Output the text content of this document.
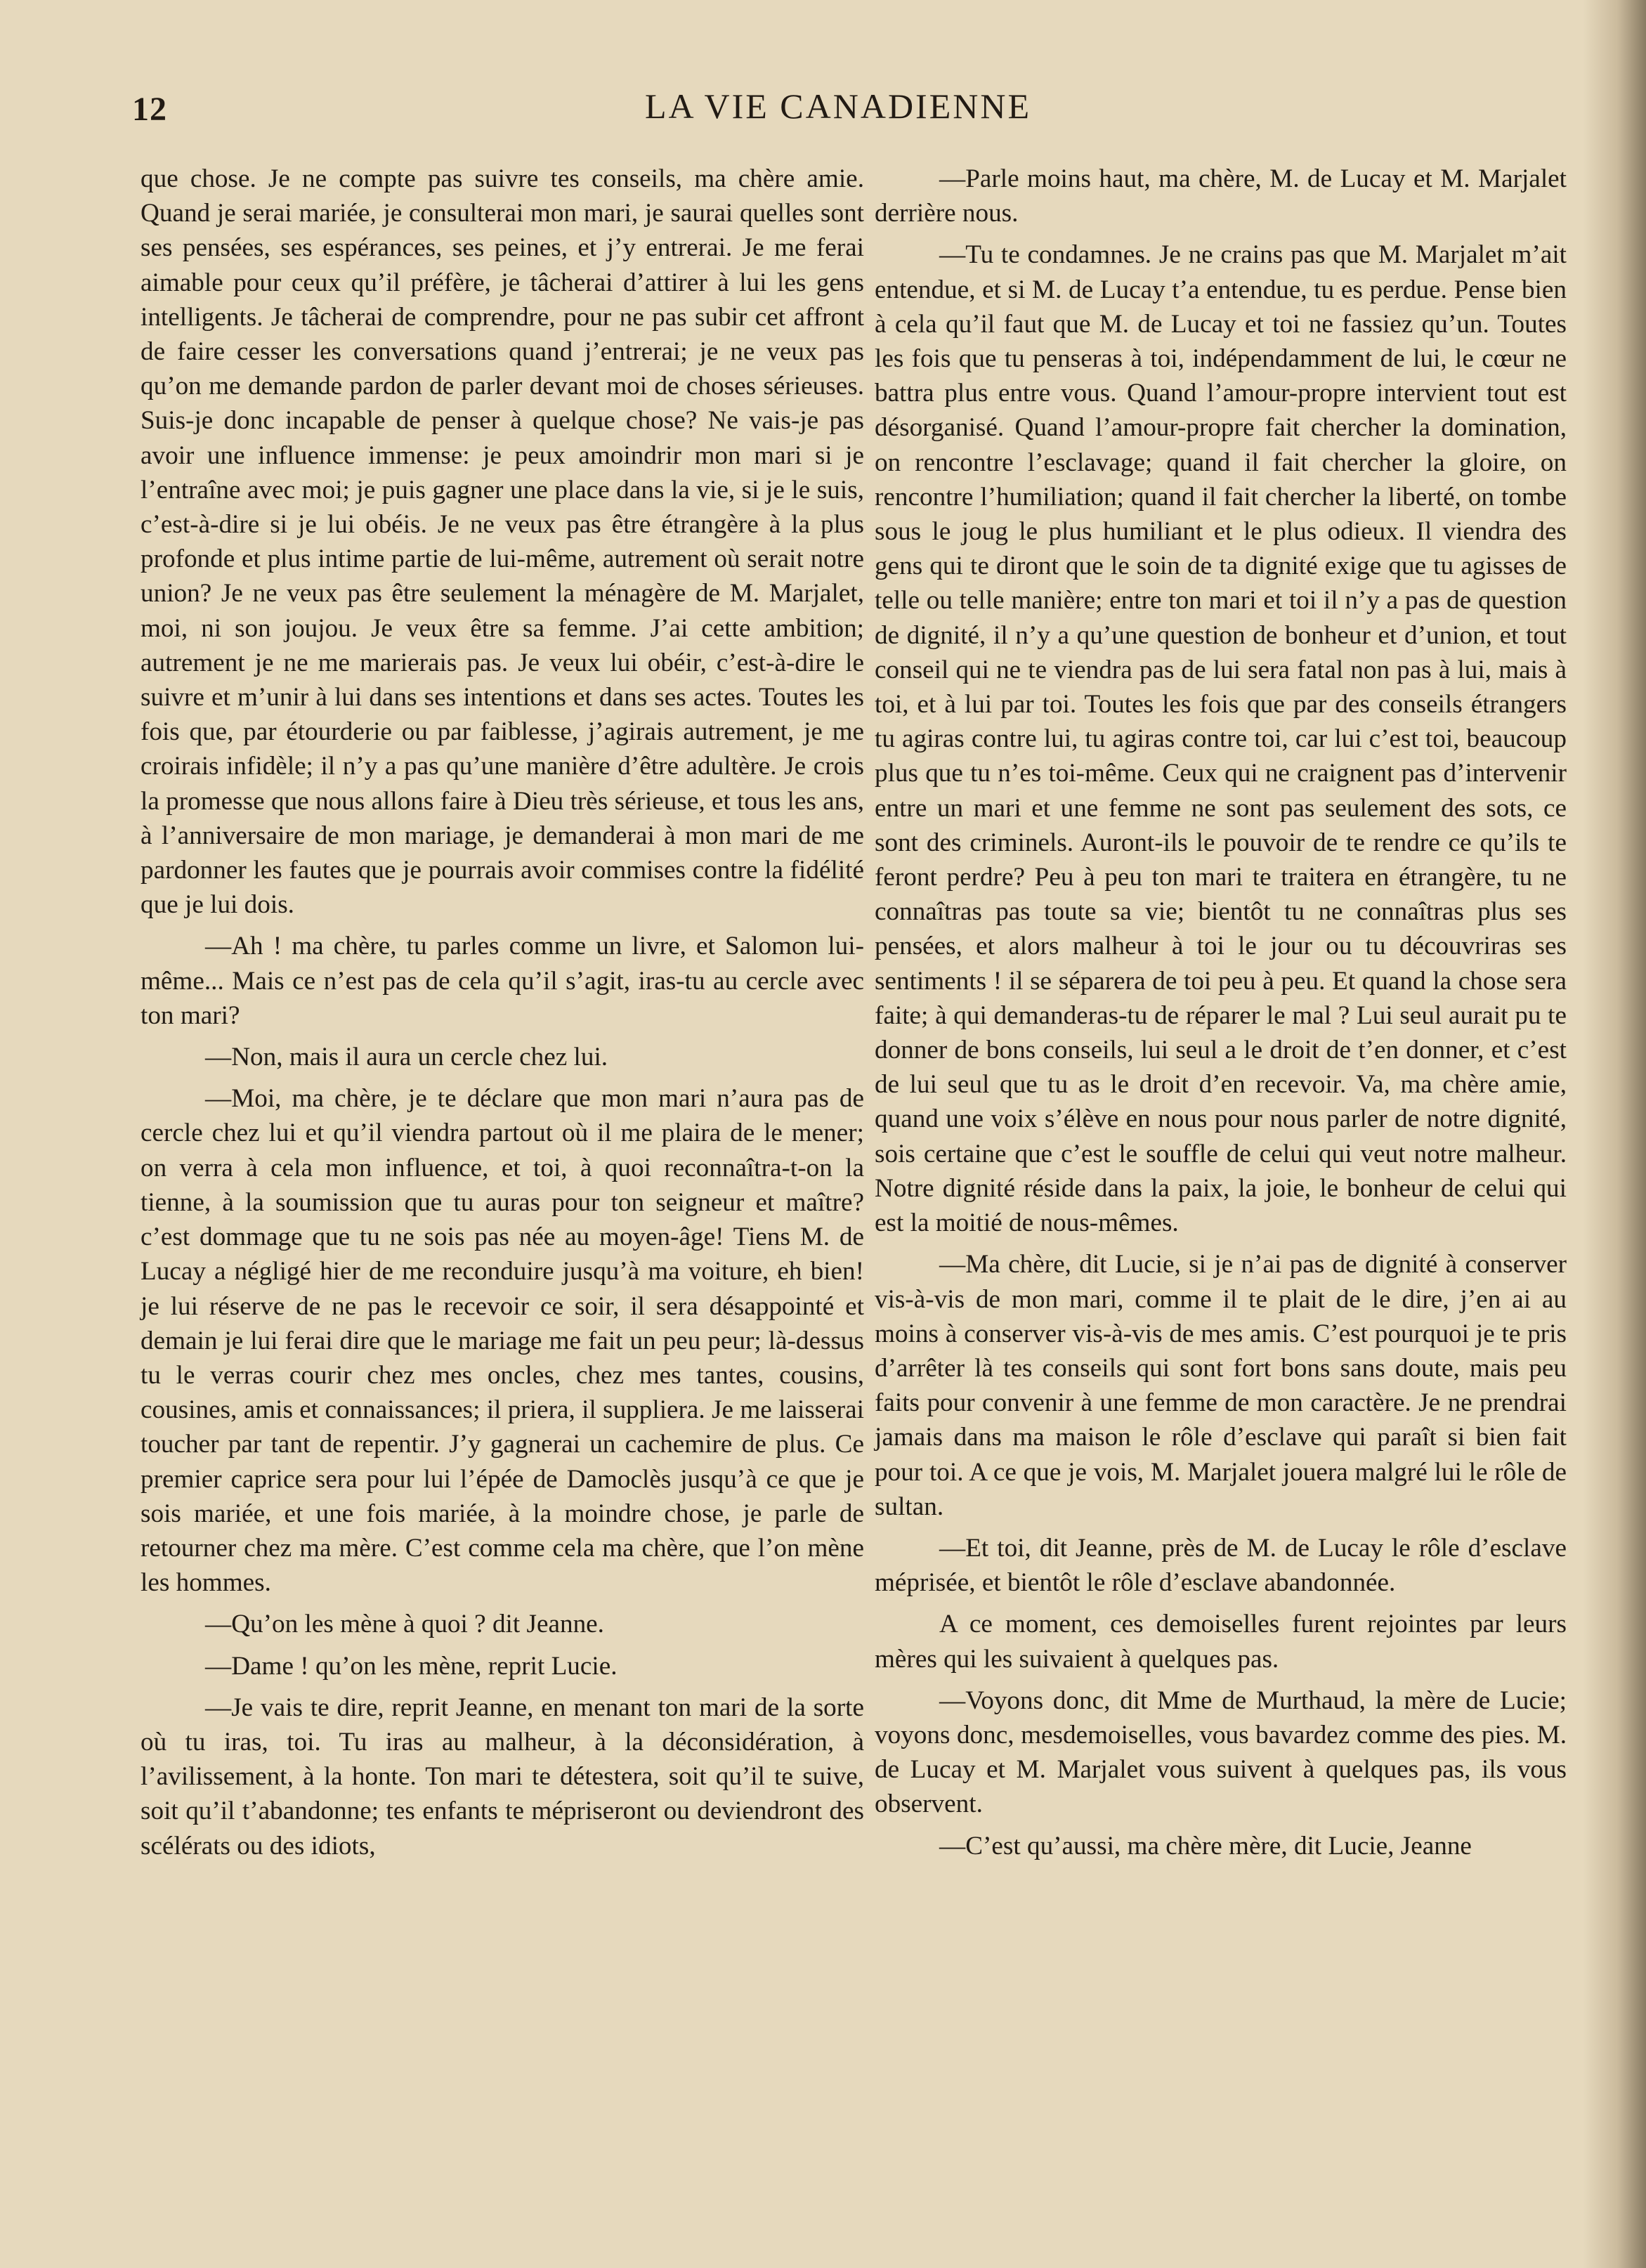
12	LA VIE CANADIENNE

que chose. Je ne compte pas suivre tes conseils, ma chère amie. Quand je serai mariée, je consulterai mon mari, je saurai quelles sont ses pensées, ses espérances, ses peines, et j’y entrerai. Je me ferai aimable pour ceux qu’il préfère, je tâcherai d’attirer à lui les gens intelligents. Je tâcherai de comprendre, pour ne pas subir cet affront de faire cesser les conversations quand j’entrerai; je ne veux pas qu’on me demande pardon de parler devant moi de choses sérieuses. Suis-je donc incapable de penser à quelque chose? Ne vais-je pas avoir une influence immense: je peux amoindrir mon mari si je l’entraîne avec moi; je puis gagner une place dans la vie, si je le suis, c’est-à-dire si je lui obéis. Je ne veux pas être étrangère à la plus profonde et plus intime partie de lui-même, autrement où serait notre union? Je ne veux pas être seulement la ménagère de M. Marjalet, moi, ni son joujou. Je veux être sa femme. J’ai cette ambition; autrement je ne me marierais pas. Je veux lui obéir, c’est-à-dire le suivre et m’unir à lui dans ses intentions et dans ses actes. Toutes les fois que, par étourderie ou par faiblesse, j’agirais autrement, je me croirais infidèle; il n’y a pas qu’une manière d’être adultère. Je crois la promesse que nous allons faire à Dieu très sérieuse, et tous les ans, à l’anniversaire de mon mariage, je demanderai à mon mari de me pardonner les fautes que je pourrais avoir commises contre la fidélité que je lui dois.

—Ah ! ma chère, tu parles comme un livre, et Salomon lui-même... Mais ce n’est pas de cela qu’il s’agit, iras-tu au cercle avec ton mari?

—Non, mais il aura un cercle chez lui.

—Moi, ma chère, je te déclare que mon mari n’aura pas de cercle chez lui et qu’il viendra partout où il me plaira de le mener; on verra à cela mon influence, et toi, à quoi reconnaîtra-t-on la tienne, à la soumission que tu auras pour ton seigneur et maître? c’est dommage que tu ne sois pas née au moyen-âge! Tiens M. de Lucay a négligé hier de me reconduire jusqu’à ma voiture, eh bien! je lui réserve de ne pas le recevoir ce soir, il sera désappointé et demain je lui ferai dire que le mariage me fait un peu peur; là-dessus tu le verras courir chez mes oncles, chez mes tantes, cousins, cousines, amis et connaissances; il priera, il suppliera. Je me laisserai toucher par tant de repentir. J’y gagnerai un cachemire de plus. Ce premier caprice sera pour lui l’épée de Damoclès jusqu’à ce que je sois mariée, et une fois mariée, à la moindre chose, je parle de retourner chez ma mère. C’est comme cela ma chère, que l’on mène les hommes.

—Qu’on les mène à quoi ? dit Jeanne.

—Dame ! qu’on les mène, reprit Lucie.

—Je vais te dire, reprit Jeanne, en menant ton mari de la sorte où tu iras, toi. Tu iras au malheur, à la déconsidération, à l’avilissement, à la honte. Ton mari te détestera, soit qu’il te suive, soit qu’il t’abandonne; tes enfants te mépriseront ou deviendront des scélérats ou des idiots,

—Parle moins haut, ma chère, M. de Lucay et M. Marjalet derrière nous.

—Tu te condamnes. Je ne crains pas que M. Marjalet m’ait entendue, et si M. de Lucay t’a entendue, tu es perdue. Pense bien à cela qu’il faut que M. de Lucay et toi ne fassiez qu’un. Toutes les fois que tu penseras à toi, indépendamment de lui, le cœur ne battra plus entre vous. Quand l’amour-propre intervient tout est désorganisé. Quand l’amour-propre fait chercher la domination, on rencontre l’esclavage; quand il fait chercher la gloire, on rencontre l’humiliation; quand il fait chercher la liberté, on tombe sous le joug le plus humiliant et le plus odieux. Il viendra des gens qui te diront que le soin de ta dignité exige que tu agisses de telle ou telle manière; entre ton mari et toi il n’y a pas de question de dignité, il n’y a qu’une question de bonheur et d’union, et tout conseil qui ne te viendra pas de lui sera fatal non pas à lui, mais à toi, et à lui par toi. Toutes les fois que par des conseils étrangers tu agiras contre lui, tu agiras contre toi, car lui c’est toi, beaucoup plus que tu n’es toi-même. Ceux qui ne craignent pas d’intervenir entre un mari et une femme ne sont pas seulement des sots, ce sont des criminels. Auront-ils le pouvoir de te rendre ce qu’ils te feront perdre? Peu à peu ton mari te traitera en étrangère, tu ne connaîtras pas toute sa vie; bientôt tu ne connaîtras plus ses pensées, et alors malheur à toi le jour ou tu découvriras ses sentiments ! il se séparera de toi peu à peu. Et quand la chose sera faite; à qui demanderas-tu de réparer le mal ? Lui seul aurait pu te donner de bons conseils, lui seul a le droit de t’en donner, et c’est de lui seul que tu as le droit d’en recevoir. Va, ma chère amie, quand une voix s’élève en nous pour nous parler de notre dignité, sois certaine que c’est le souffle de celui qui veut notre malheur. Notre dignité réside dans la paix, la joie, le bonheur de celui qui est la moitié de nous-mêmes.

—Ma chère, dit Lucie, si je n’ai pas de dignité à conserver vis-à-vis de mon mari, comme il te plait de le dire, j’en ai au moins à conserver vis-à-vis de mes amis. C’est pourquoi je te pris d’arrêter là tes conseils qui sont fort bons sans doute, mais peu faits pour convenir à une femme de mon caractère. Je ne prendrai jamais dans ma maison le rôle d’esclave qui paraît si bien fait pour toi. A ce que je vois, M. Marjalet jouera malgré lui le rôle de sultan.

—Et toi, dit Jeanne, près de M. de Lucay le rôle d’esclave méprisée, et bientôt le rôle d’esclave abandonnée.

A ce moment, ces demoiselles furent rejointes par leurs mères qui les suivaient à quelques pas.

—Voyons donc, dit Mme de Murthaud, la mère de Lucie; voyons donc, mesdemoiselles, vous bavardez comme des pies. M. de Lucay et M. Marjalet vous suivent à quelques pas, ils vous observent.

—C’est qu’aussi, ma chère mère, dit Lucie, Jeanne
